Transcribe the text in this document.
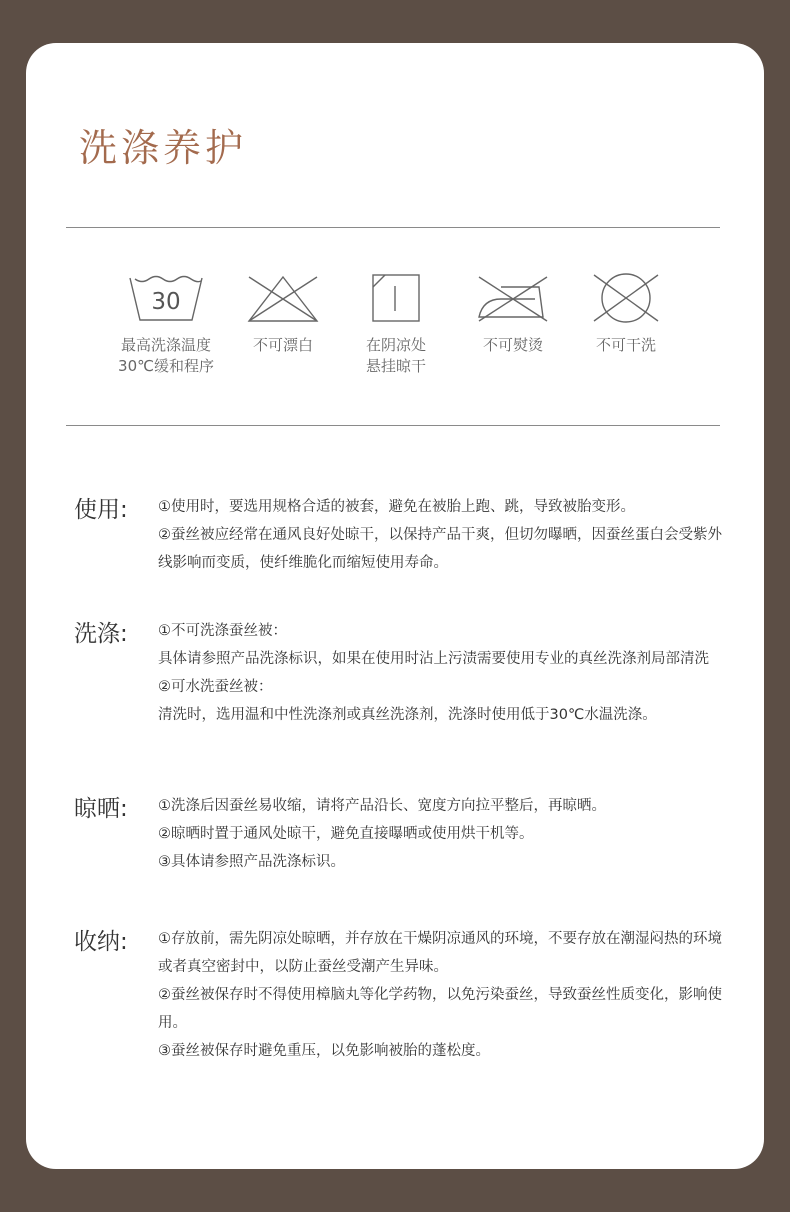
洗涤养护
30
最高洗涤温度
30℃缓和程序
不可漂白	在阴凉处
悬挂晾干
不可熨烫	不可干洗
使用: ①使用时，要选用规格合适的被套，避免在被胎上跑、跳，导致被胎变形。

②蚕丝被应经常在通风良好处晾干，以保持产品干爽，但切勿曝晒，因蚕丝蛋白会受紫外线影响而变质，使纤维脆化而缩短使用寿命。

洗涤: ①不可洗涤蚕丝被：

具体请参照产品洗涤标识，如果在使用时沾上污渍需要使用专业的真丝洗涤剂局部清洗

②可水洗蚕丝被：

清洗时，选用温和中性洗涤剂或真丝洗涤剂，洗涤时使用低于30℃水温洗涤。

晾晒: ①洗涤后因蚕丝易收缩，请将产品沿长、宽度方向拉平整后，再晾晒。

②晾晒时置于通风处晾干，避免直接曝晒或使用烘干机等。

③具体请参照产品洗涤标识。

收纳: ①存放前，需先阴凉处晾晒，并存放在干燥阴凉通风的环境，不要存放在潮湿闷热的环境或者真空密封中，以防止蚕丝受潮产生异味。

②蚕丝被保存时不得使用樟脑丸等化学药物，以免污染蚕丝，导致蚕丝性质变化，影响使用。

③蚕丝被保存时避免重压，以免影响被胎的蓬松度。
